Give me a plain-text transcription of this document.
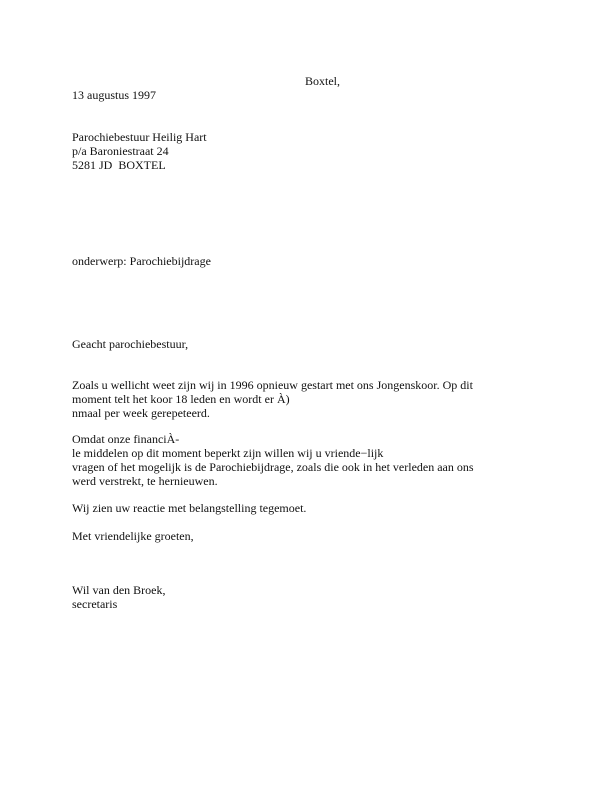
Boxtel,
13 augustus 1997
Parochiebestuur Heilig Hart
p/a Baroniestraat 24
5281 JD  BOXTEL
onderwerp: Parochiebijdrage
Geacht parochiebestuur,
Zoals u wellicht weet zijn wij in 1996 opnieuw gestart met ons Jongenskoor. Op dit
moment telt het koor 18 leden en wordt er À)
nmaal per week gerepeteerd.
Omdat onze financiÀ-
le middelen op dit moment beperkt zijn willen wij u vriende−lijk
vragen of het mogelijk is de Parochiebijdrage, zoals die ook in het verleden aan ons
werd verstrekt, te hernieuwen.
Wij zien uw reactie met belangstelling tegemoet.
Met vriendelijke groeten,
Wil van den Broek,
secretaris
